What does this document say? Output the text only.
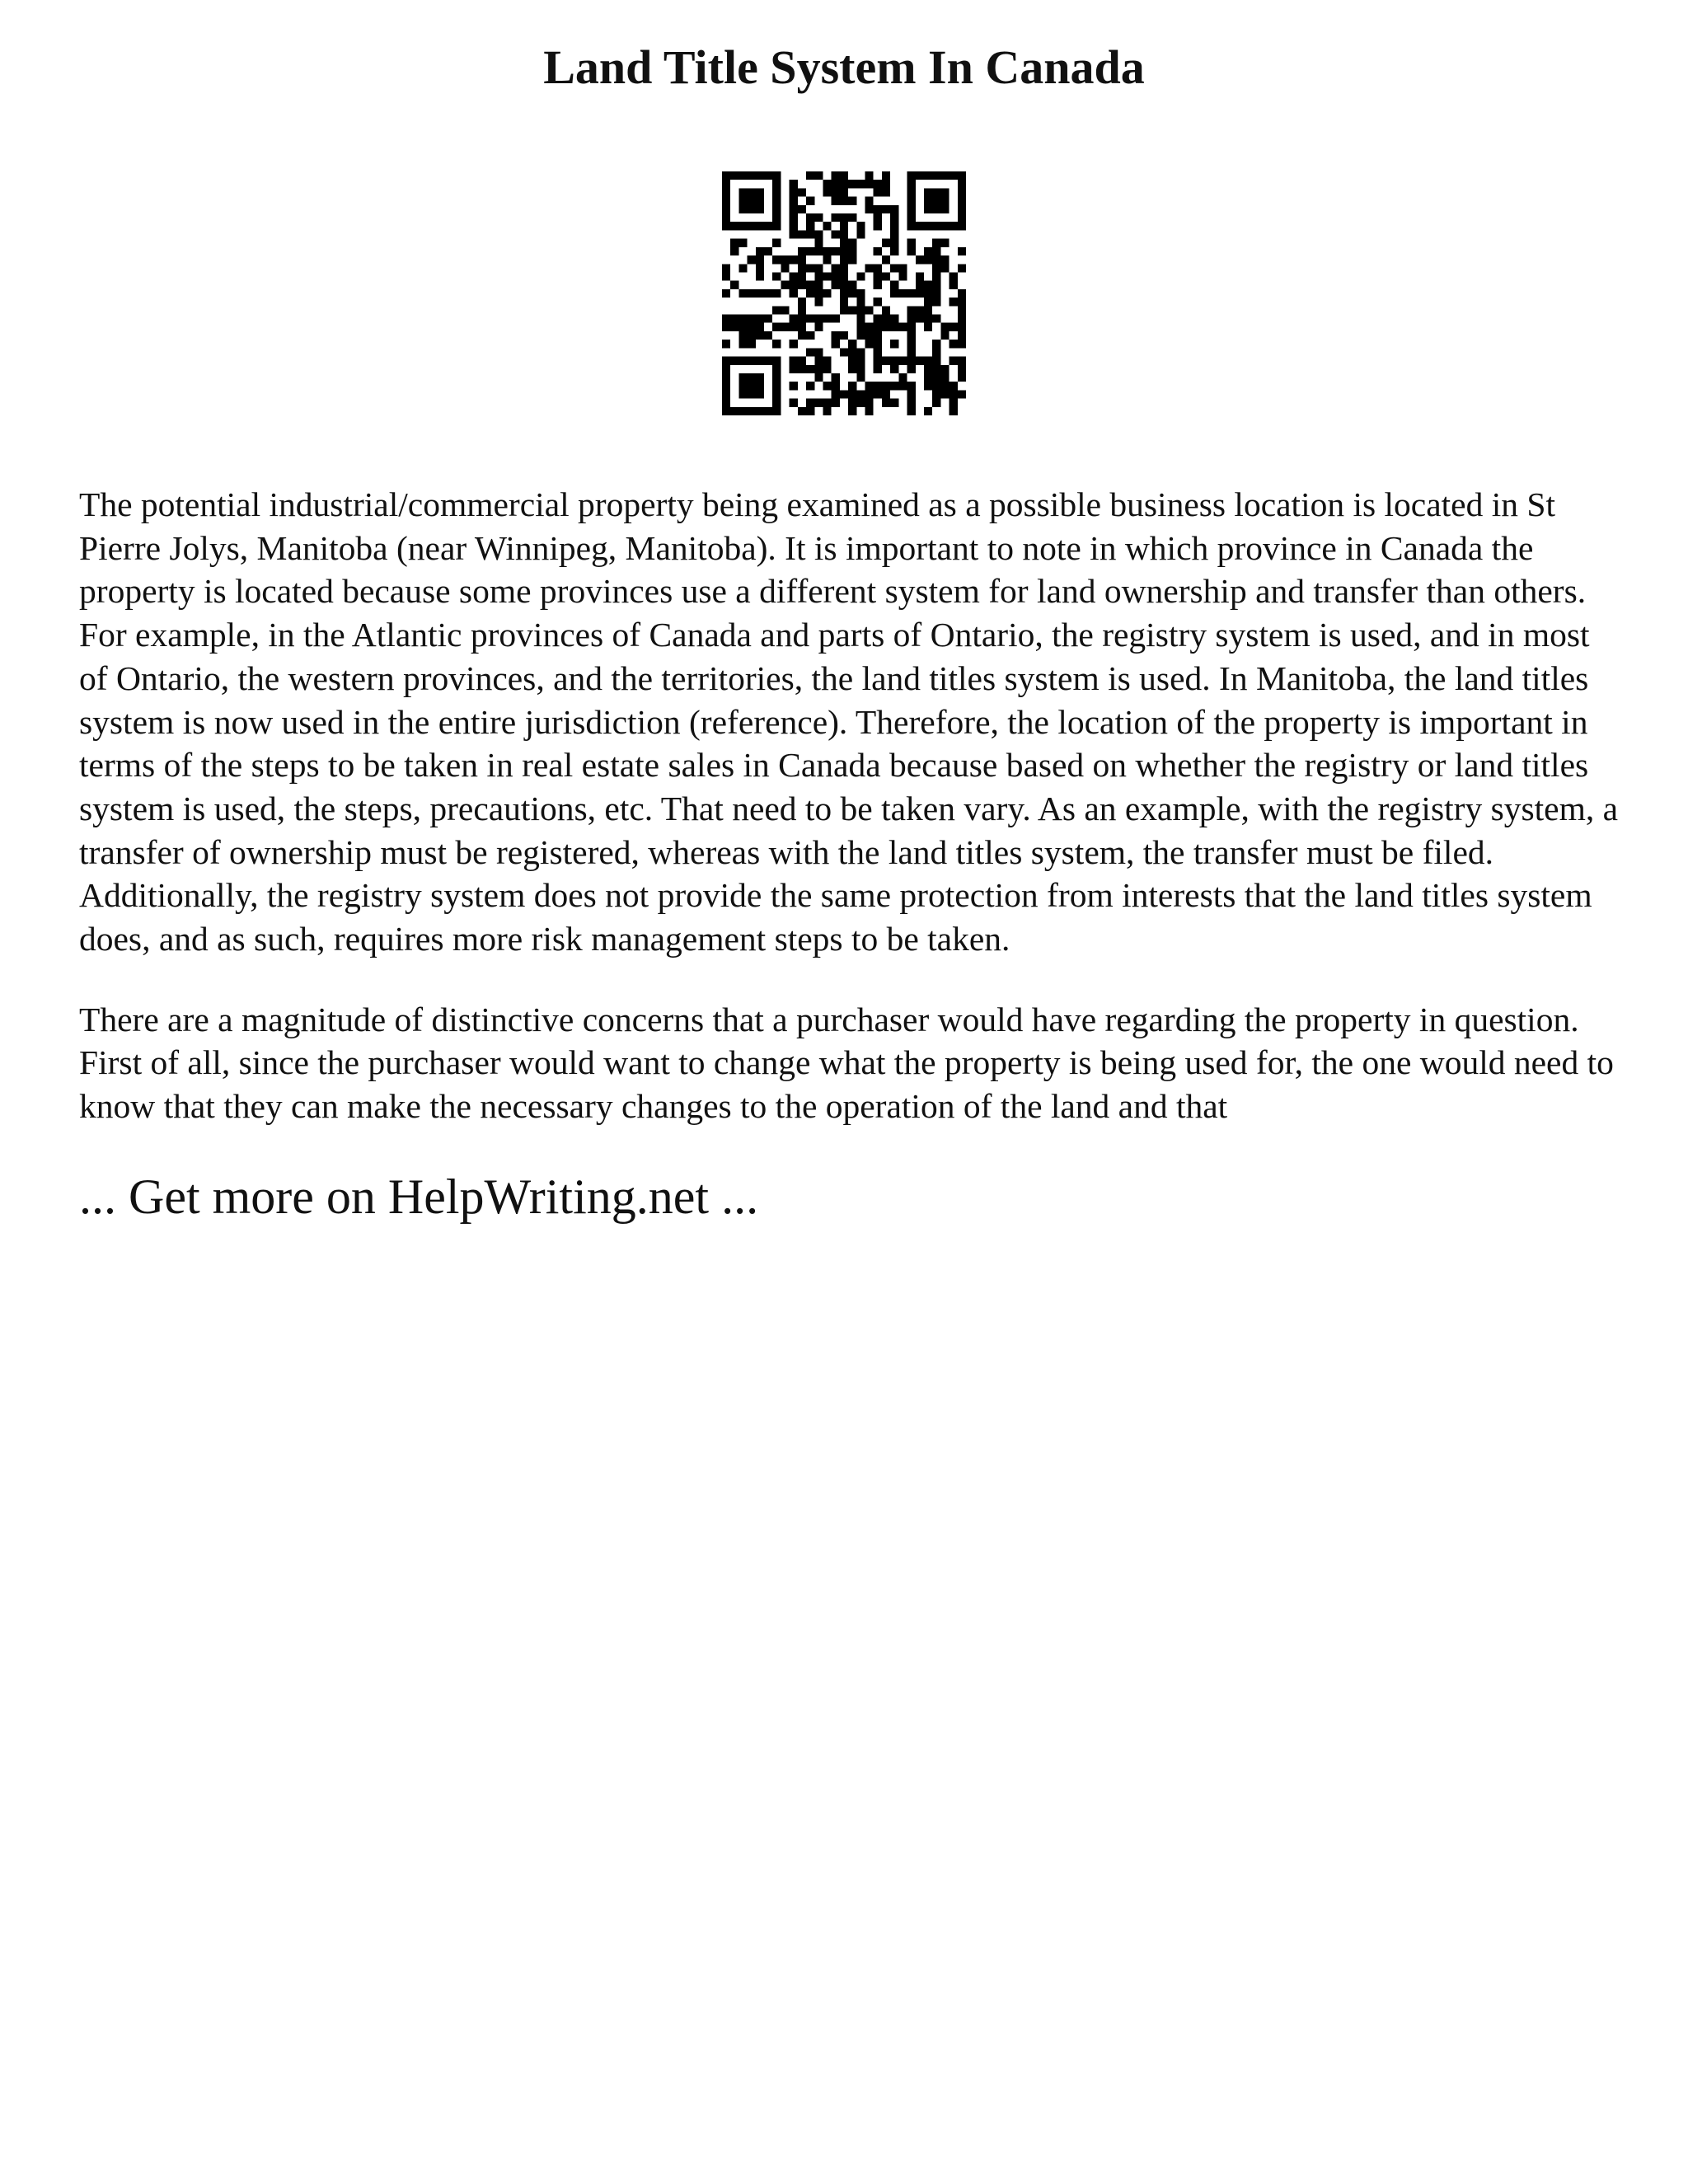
Land Title System In Canada

The potential industrial/commercial property being examined as a possible business location is located in St Pierre Jolys, Manitoba (near Winnipeg, Manitoba). It is important to note in which province in Canada the property is located because some provinces use a different system for land ownership and transfer than others. For example, in the Atlantic provinces of Canada and parts of Ontario, the registry system is used, and in most of Ontario, the western provinces, and the territories, the land titles system is used. In Manitoba, the land titles system is now used in the entire jurisdiction (reference). Therefore, the location of the property is important in terms of the steps to be taken in real estate sales in Canada because based on whether the registry or land titles system is used, the steps, precautions, etc. That need to be taken vary. As an example, with the registry system, a transfer of ownership must be registered, whereas with the land titles system, the transfer must be filed. Additionally, the registry system does not provide the same protection from interests that the land titles system does, and as such, requires more risk management steps to be taken.

There are a magnitude of distinctive concerns that a purchaser would have regarding the property in question. First of all, since the purchaser would want to change what the property is being used for, the one would need to know that they can make the necessary changes to the operation of the land and that

... Get more on HelpWriting.net ...
